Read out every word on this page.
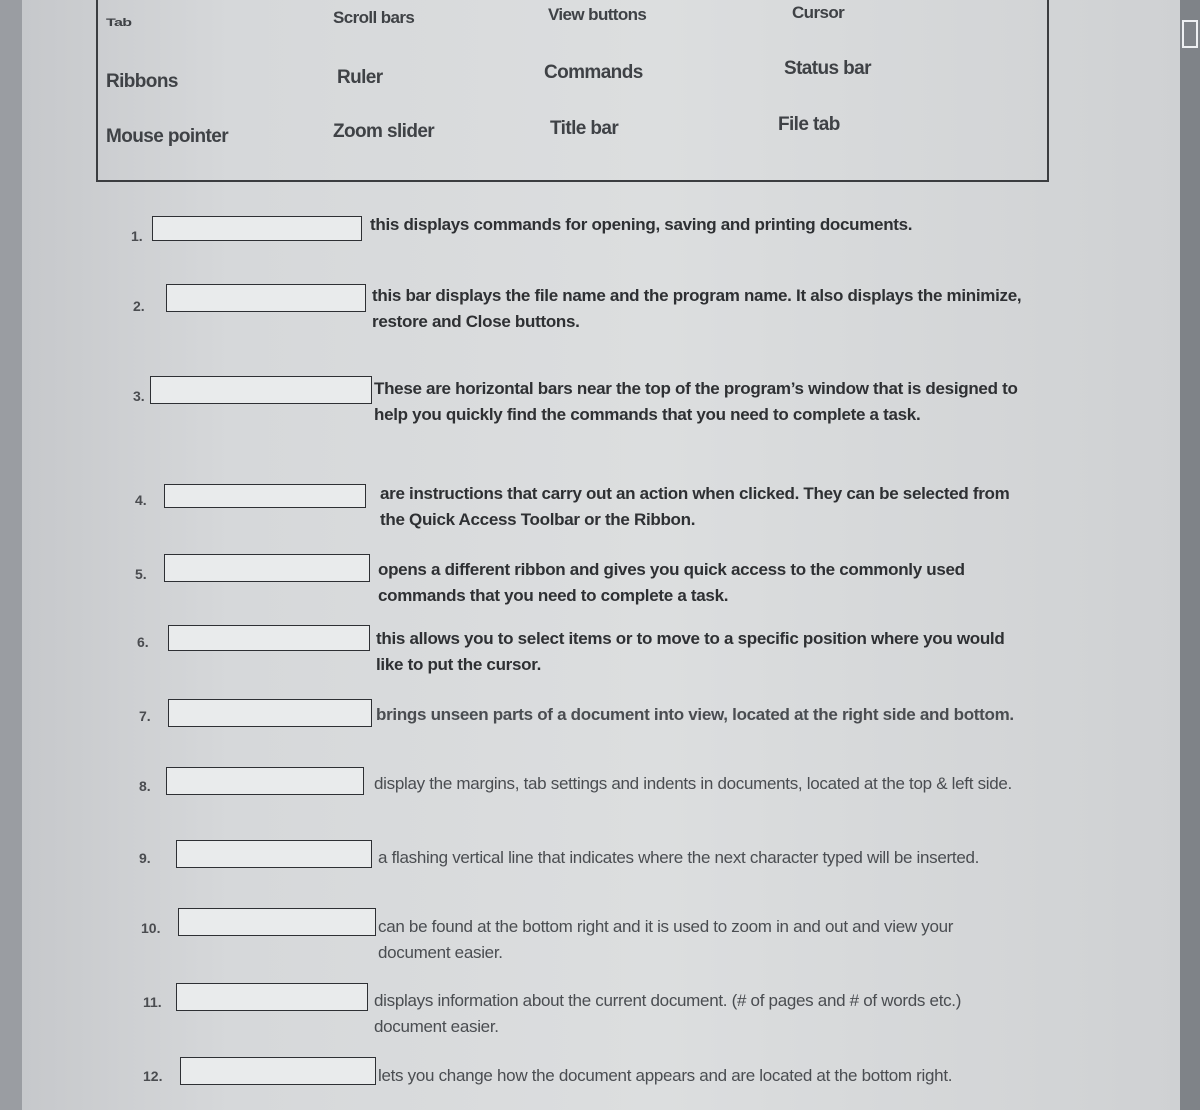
Tab	Scroll bars	View buttons	Cursor
Ribbons	Ruler	Commands	Status bar
Mouse pointer	Zoom slider	Title bar	File tab
1.
this displays commands for opening, saving and printing documents.
2.
this bar displays the file name and the program name. It also displays the minimize, restore and Close buttons.
3.	These are horizontal bars near the top of the program’s window that is designed to help you quickly find the commands that you need to complete a task.
4.	are instructions that carry out an action when clicked. They can be selected from the Quick Access Toolbar or the Ribbon.
5.	opens a different ribbon and gives you quick access to the commonly used commands that you need to complete a task.
6.	this allows you to select items or to move to a specific position where you would like to put the cursor.
7.	brings unseen parts of a document into view, located at the right side and bottom.
8.	display the margins, tab settings and indents in documents, located at the top & left side.
9.	a flashing vertical line that indicates where the next character typed will be inserted.
10.	can be found at the bottom right and it is used to zoom in and out and view your document easier.
11.	displays information about the current document. (# of pages and # of words etc.) document easier.
12.	lets you change how the document appears and are located at the bottom right.
